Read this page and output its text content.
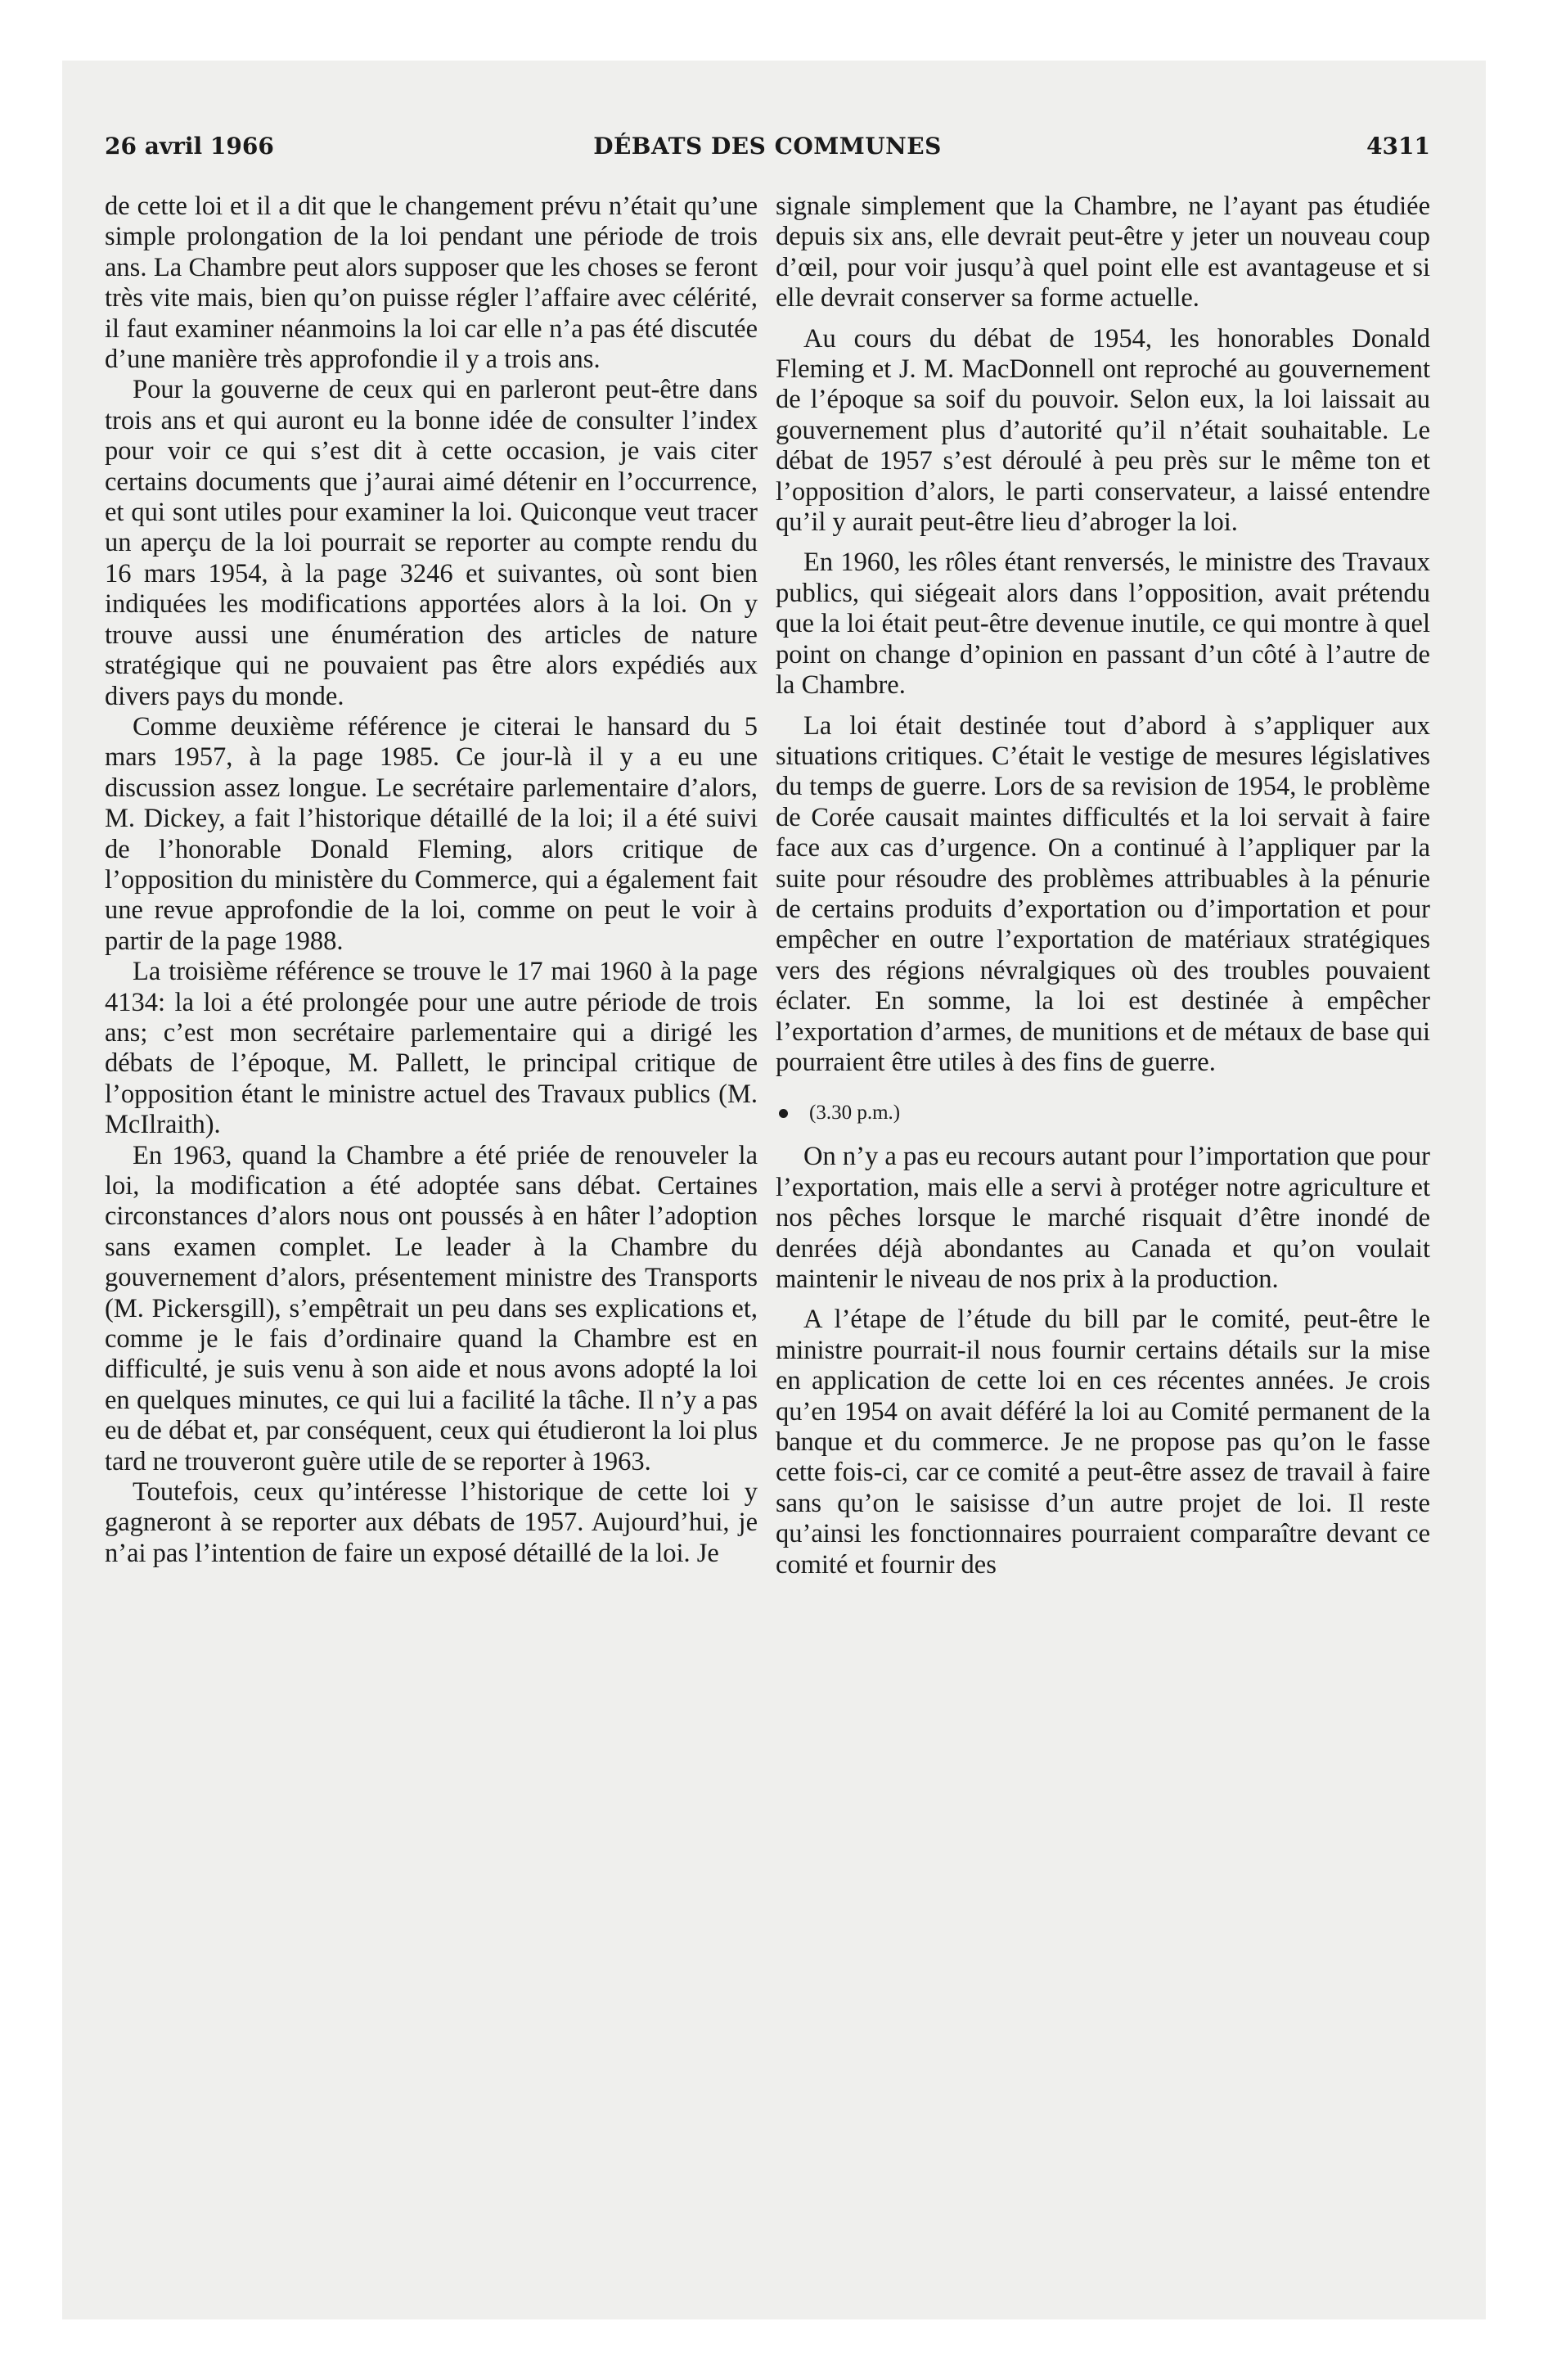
26 avril 1966	DÉBATS DES COMMUNES	4311

de cette loi et il a dit que le changement prévu n’était qu’une simple prolongation de la loi pendant une période de trois ans. La Chambre peut alors supposer que les choses se feront très vite mais, bien qu’on puisse régler l’affaire avec célérité, il faut examiner néanmoins la loi car elle n’a pas été discutée d’une manière très approfondie il y a trois ans.

Pour la gouverne de ceux qui en parleront peut-être dans trois ans et qui auront eu la bonne idée de consulter l’index pour voir ce qui s’est dit à cette occasion, je vais citer certains documents que j’aurai aimé détenir en l’occurrence, et qui sont utiles pour examiner la loi. Quiconque veut tracer un aperçu de la loi pourrait se reporter au compte rendu du 16 mars 1954, à la page 3246 et suivantes, où sont bien indiquées les modifications apportées alors à la loi. On y trouve aussi une énumération des articles de nature stratégique qui ne pouvaient pas être alors expédiés aux divers pays du monde.

Comme deuxième référence je citerai le hansard du 5 mars 1957, à la page 1985. Ce jour-là il y a eu une discussion assez longue. Le secrétaire parlementaire d’alors, M. Dickey, a fait l’historique détaillé de la loi; il a été suivi de l’honorable Donald Fleming, alors critique de l’opposition du ministère du Commerce, qui a également fait une revue approfondie de la loi, comme on peut le voir à partir de la page 1988.

La troisième référence se trouve le 17 mai 1960 à la page 4134: la loi a été prolongée pour une autre période de trois ans; c’est mon secrétaire parlementaire qui a dirigé les débats de l’époque, M. Pallett, le principal critique de l’opposition étant le ministre actuel des Travaux publics (M. McIlraith).

En 1963, quand la Chambre a été priée de renouveler la loi, la modification a été adoptée sans débat. Certaines circonstances d’alors nous ont poussés à en hâter l’adoption sans examen complet. Le leader à la Chambre du gouvernement d’alors, présentement ministre des Transports (M. Pickersgill), s’empêtrait un peu dans ses explications et, comme je le fais d’ordinaire quand la Chambre est en difficulté, je suis venu à son aide et nous avons adopté la loi en quelques minutes, ce qui lui a facilité la tâche. Il n’y a pas eu de débat et, par conséquent, ceux qui étudieront la loi plus tard ne trouveront guère utile de se reporter à 1963.

Toutefois, ceux qu’intéresse l’historique de cette loi y gagneront à se reporter aux débats de 1957. Aujourd’hui, je n’ai pas l’intention de faire un exposé détaillé de la loi. Je

signale simplement que la Chambre, ne l’ayant pas étudiée depuis six ans, elle devrait peut-être y jeter un nouveau coup d’œil, pour voir jusqu’à quel point elle est avantageuse et si elle devrait conserver sa forme actuelle.

Au cours du débat de 1954, les honorables Donald Fleming et J. M. MacDonnell ont reproché au gouvernement de l’époque sa soif du pouvoir. Selon eux, la loi laissait au gouvernement plus d’autorité qu’il n’était souhaitable. Le débat de 1957 s’est déroulé à peu près sur le même ton et l’opposition d’alors, le parti conservateur, a laissé entendre qu’il y aurait peut-être lieu d’abroger la loi.

En 1960, les rôles étant renversés, le ministre des Travaux publics, qui siégeait alors dans l’opposition, avait prétendu que la loi était peut-être devenue inutile, ce qui montre à quel point on change d’opinion en passant d’un côté à l’autre de la Chambre.

La loi était destinée tout d’abord à s’appliquer aux situations critiques. C’était le vestige de mesures législatives du temps de guerre. Lors de sa revision de 1954, le problème de Corée causait maintes difficultés et la loi servait à faire face aux cas d’urgence. On a continué à l’appliquer par la suite pour résoudre des problèmes attribuables à la pénurie de certains produits d’exportation ou d’importation et pour empêcher en outre l’exportation de matériaux stratégiques vers des régions névralgiques où des troubles pouvaient éclater. En somme, la loi est destinée à empêcher l’exportation d’armes, de munitions et de métaux de base qui pourraient être utiles à des fins de guerre.

(3.30 p.m.)

On n’y a pas eu recours autant pour l’importation que pour l’exportation, mais elle a servi à protéger notre agriculture et nos pêches lorsque le marché risquait d’être inondé de denrées déjà abondantes au Canada et qu’on voulait maintenir le niveau de nos prix à la production.

A l’étape de l’étude du bill par le comité, peut-être le ministre pourrait-il nous fournir certains détails sur la mise en application de cette loi en ces récentes années. Je crois qu’en 1954 on avait déféré la loi au Comité permanent de la banque et du commerce. Je ne propose pas qu’on le fasse cette fois-ci, car ce comité a peut-être assez de travail à faire sans qu’on le saisisse d’un autre projet de loi. Il reste qu’ainsi les fonctionnaires pourraient comparaître devant ce comité et fournir des
